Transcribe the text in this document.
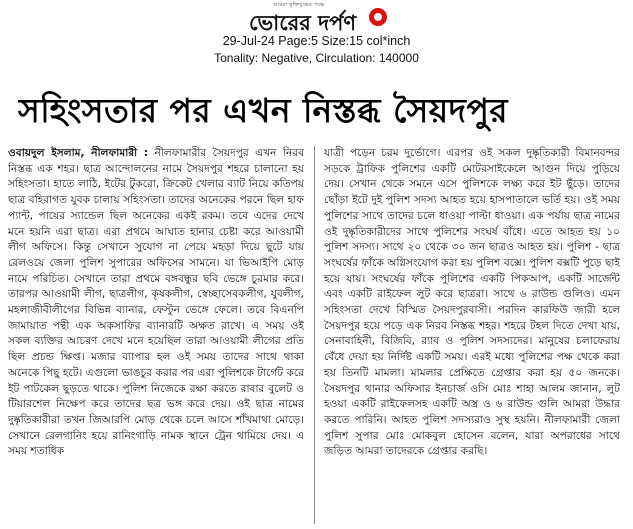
আমরা মুক্তিযুদ্ধের পক্ষে
ভোরের দর্পণ
29-Jul-24 Page:5 Size:15 col*inch
Tonality: Negative, Circulation: 140000
সহিংসতার পর এখন নিস্তব্ধ সৈয়দপুর

ওবায়দুল ইসলাম, নীলফামারী : নীলফামারীর সৈয়দপুর এখন নিরব নিস্তব্ধ এক শহর। ছাত্র আন্দোলনের নামে সৈয়দপুর শহরে চালানো হয় সহিংসতা। হাতে লাঠি, ইটের টুকরো, ক্রিকেট খেলার ব্যাট নিয়ে কতিপয় ছাত্র বহিরাগত যুবক চালায় সহিংসতা। তাদের অনেকের পরনে ছিল হাফ প্যান্ট, পায়ের স্যান্ডেল ছিল অনেকের একই রকম। তবে এদের দেখে মনে হয়নি এরা ছাত্র। এরা প্রথমে আঘাত হানার চেষ্টা করে আওয়ামী লীগ অফিসে। কিন্তু সেখানে সুযোগ না পেয়ে মহড়া দিয়ে ছুটে যায় রেলওয়ে জেলা পুলিশ সুপারের অফিসের সামনে। যা ভিআইপি মোড় নামে পরিচিত। সেখানে তারা প্রথমে বঙ্গবন্ধুর ছবি ভেঙ্গে চুরমার করে। তারপর আওয়ামী লীগ, ছাত্রলীগ, কৃষকলীগ, স্বেচ্ছাসেবকলীগ, যুবলীগ, মহলাজীবীলীগের বিভিন্ন ব্যানার, ফেস্টুন ভেঙ্গে ফেলে। তবে বিএনপি জামায়াত পন্থী এক অকসাফির ব্যানারটি অক্ষত রাখে। এ সময় ওই সকল ব্যক্তির আচরণ দেখে মনে হয়েছিল তারা আওয়ামী লীগের প্রতি ছিল প্রচন্ড ক্ষিপ্ত। মজার ব্যাপার হল ওই সময় তাদের সাথে থাকা অনেকে পিছু হটে। এগুলো ভাঙচুর করার পর এরা পুলিশকে টার্গেট করে ইট পাটকেল ছুড়তে থাকে। পুলিশ নিজেকে রক্ষা করতে রাবার বুলেট ও টিয়ারশেল নিক্ষেপ করে তাদের ছত্র ভঙ্গ করে দেয়। ওই ছাত্র নামের দুষ্কৃতিকারীরা তখন জিআরপি মোড় থেকে চলে আসে শাঁখমাথা মোড়ে। সেখানে রেলগানিং হয়ে রানিংগাড়ি নামক স্থানে ট্রেন থামিয়ে দেয়। এ সময় শতাধিক

যাত্রী পড়েন চরম দুর্ভোগে। এরপর ওই সকল দুষ্কৃতিকারী বিমানবন্দর সড়কে ট্রাফিক পুলিশের একটি মোটরসাইকেলে আগুন দিয়ে পুড়িয়ে দেয়। সেখান থেকে সমনে এসে পুলিশকে লক্ষ্য করে ইট ছুঁড়ে। তাদের ছোঁড়া ইটে দুই পুলিশ সদস্য আহত হয়ে হাসপাতালে ভর্তি হয়। ওই সময় পুলিশের সাথে তাদের চলে ধাওয়া পাল্টা ধাওয়া। এক পর্যায় ছাত্র নামের ওই দুষ্কৃতিকারীদের সাথে পুলিশের সংঘর্ষ বাঁধে। এতে আহত হয় ১০ পুলিশ সদস্য। সাথে ২০ থেকে ৩০ জন ছাত্রও আহত হয়। পুলিশ - ছাত্র সংঘর্ষের ফাঁকে অগ্নিসংযোগ করা হয় পুলিশ বক্সে। পুলিশ বক্সটি পুড়ে ছাই হয়ে যায়। সংঘর্ষের ফাঁকে পুলিশের একটি পিকআপ, একটি সার্জেন্ট এবং একটি রাইফেল লুট করে ছাত্ররা। সাথে ৬ রাউন্ড গুলিও। এমন সহিংসতা দেখে বিস্মিত সৈয়দপুরবাসী। পরদিন কারফিউ জারী হলে সৈয়দপুর হয়ে পড়ে এক নিরব নিস্তব্ধ শহর। শহরে টহল দিতে দেখা যায়, সেনাবাহিনী, বিজিবি, র‍্যাব ও পুলিশ সদস্যদের। মানুষের চলাফেরায় বেঁধে দেয়া হয় নির্দিষ্ট একটি সময়। এরই মধ্যে পুলিশের পক্ষ থেকে করা হয় তিনটি মামলা। মামলার প্রেক্ষিতে গ্রেপ্তার করা হয় ৫০ জনকে। সৈয়দপুর থানার অফিসার ইনচার্জ ওসি মোঃ শাহা আলম জানান, লুট হওয়া একটি রাইফেলসহ একটি অস্ত্র ও ৬ রাউন্ড গুলি আমরা উদ্ধার করতে পারিনি। আহত পুলিশ সদস্যরাও সুস্থ হয়নি। নীলফামারী জেলা পুলিশ সুপার মোঃ মোকবুল হোসেন বলেন, যারা অপরাধের সাথে জড়িত আমরা তাদেরকে গ্রেপ্তার করছি।
